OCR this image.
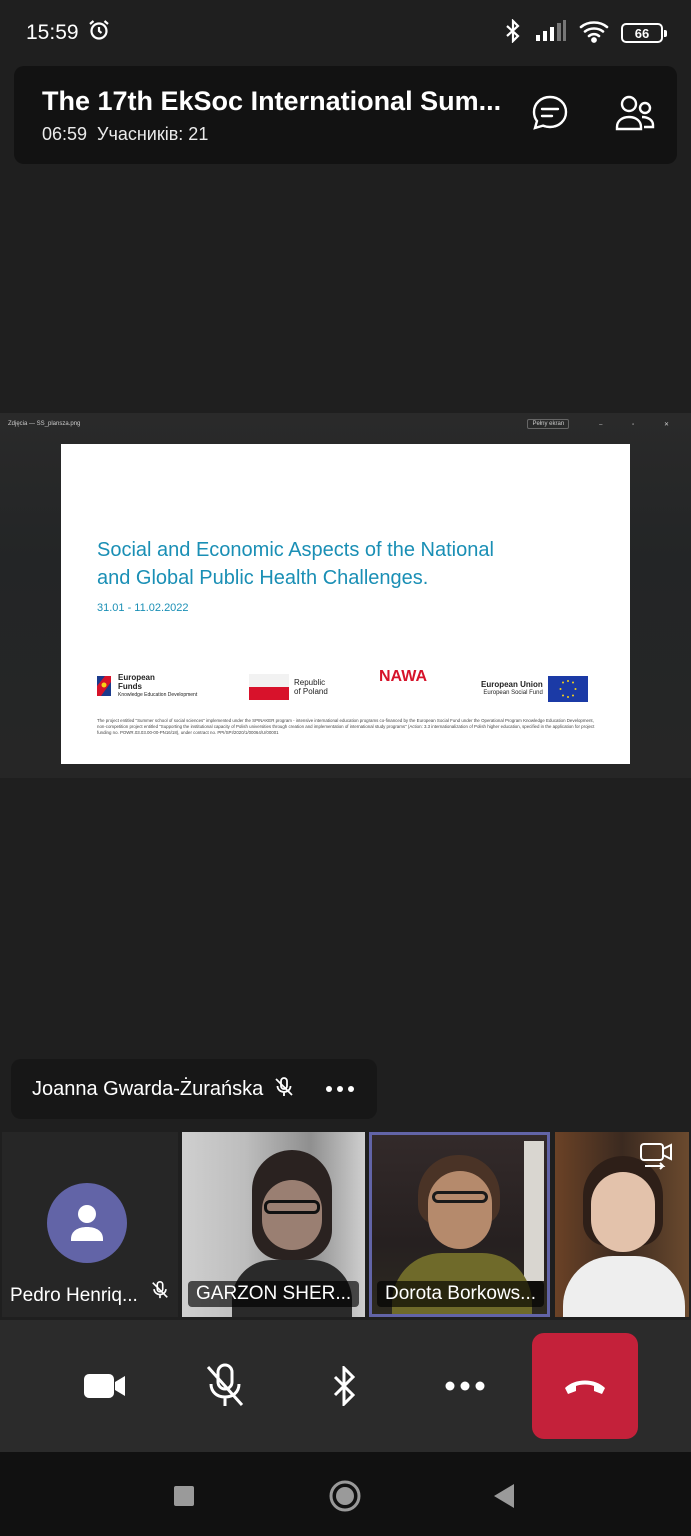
15:59	66
The 17th EkSoc International Sum...
06:59 Учасників: 21
Zdjęcia — SS_plansza.png	Pełny ekran	– ▫ ✕
Social and Economic Aspects of the National
and Global Public Health Challenges.
31.01 - 11.02.2022
European
Funds
Knowledge Education Development
Republic
of Poland
NAWA	European Union
European Social Fund
The project entitled "Summer school of social sciences" implemented under the SPINAKER program - intensive international education programs co-financed by the European Social Fund under the Operational Program Knowledge Education Development, non-competition project entitled "Supporting the institutional capacity of Polish universities through creation and implementation of international study programs" (Action: 3.3 internationalization of Polish higher education, specified in the application for project funding no. POWR.03.03.00-00-PN16/18), under contract no. PPI/SPI/2020/1/00064/U/00001
Joanna Gwarda-Żurańska
Pedro Henriq...	GARZON SHER...	Dorota Borkows...
